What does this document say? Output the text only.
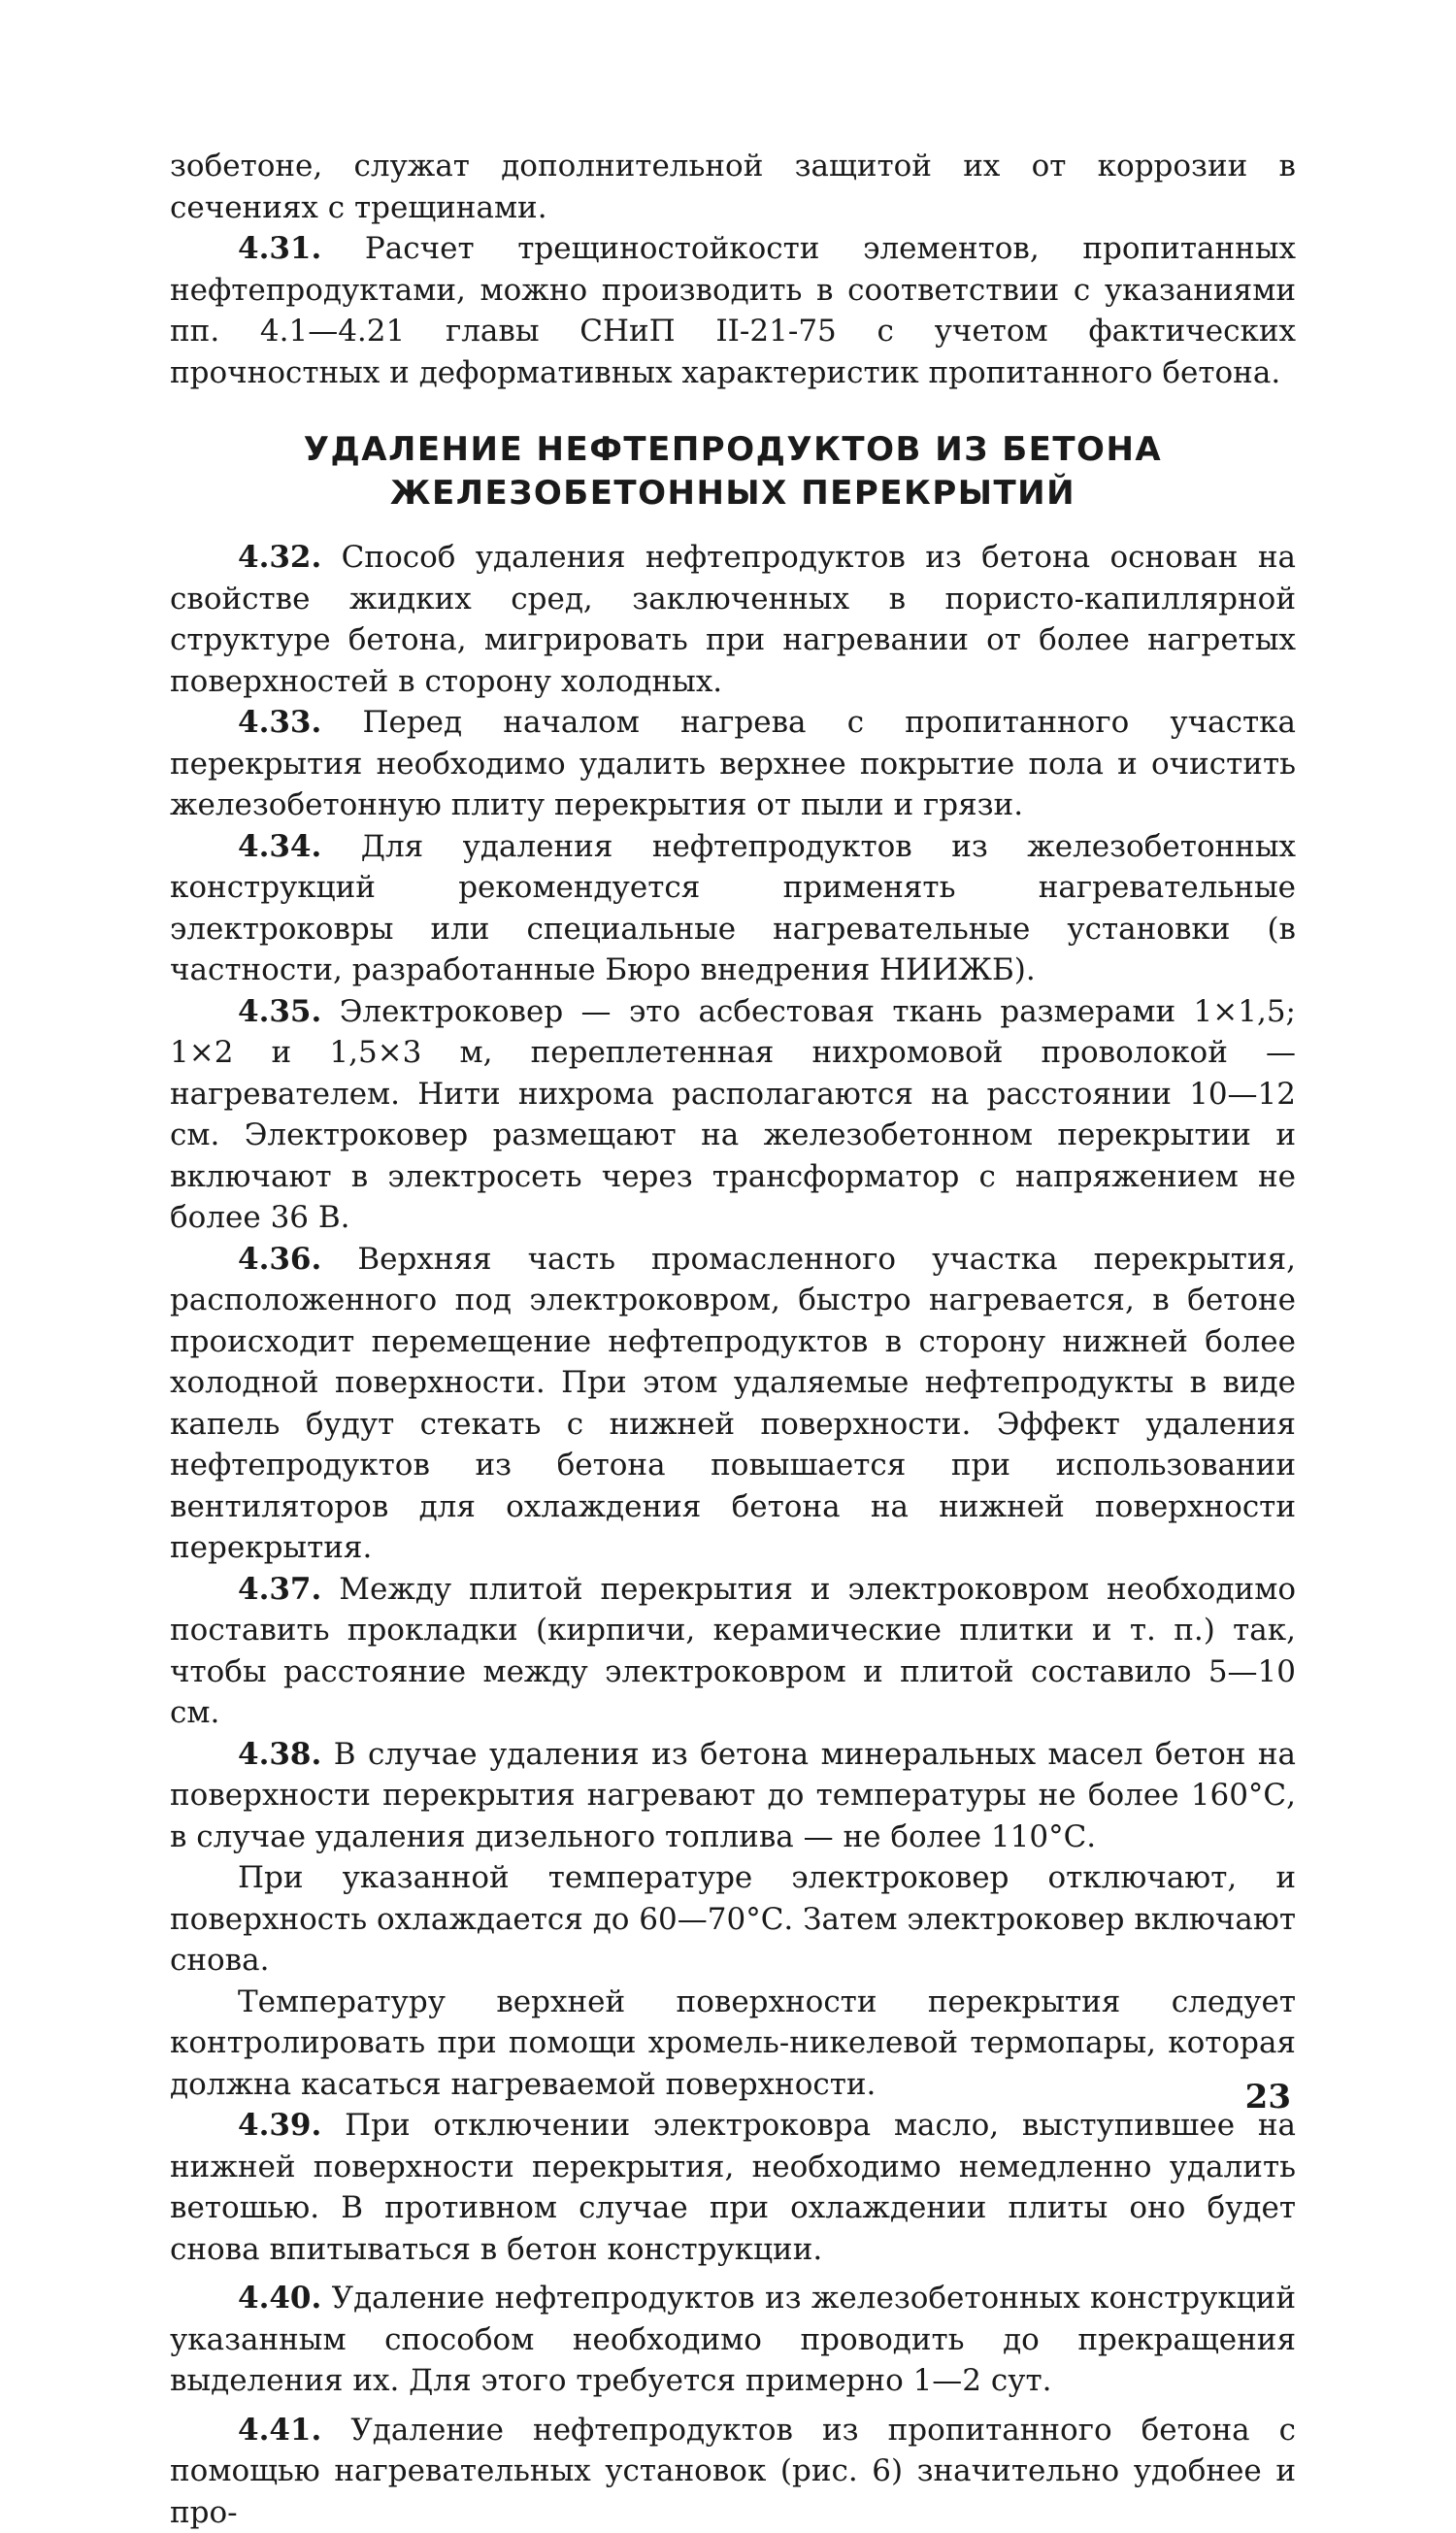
зобетоне, служат дополнительной защитой их от коррозии в сечениях с трещинами.

4.31. Расчет трещиностойкости элементов, пропитанных нефтепродуктами, можно производить в соответствии с указаниями пп. 4.1—4.21 главы СНиП II-21-75 с учетом фактических прочностных и деформативных характеристик пропитанного бетона.

УДАЛЕНИЕ НЕФТЕПРОДУКТОВ ИЗ БЕТОНА
ЖЕЛЕЗОБЕТОННЫХ ПЕРЕКРЫТИЙ

4.32. Способ удаления нефтепродуктов из бетона основан на свойстве жидких сред, заключенных в пористо-капиллярной структуре бетона, мигрировать при нагревании от более нагретых поверхностей в сторону холодных.

4.33. Перед началом нагрева с пропитанного участка перекрытия необходимо удалить верхнее покрытие пола и очистить железобетонную плиту перекрытия от пыли и грязи.

4.34. Для удаления нефтепродуктов из железобетонных конструкций рекомендуется применять нагревательные электроковры или специальные нагревательные установки (в частности, разработанные Бюро внедрения НИИЖБ).

4.35. Электроковер — это асбестовая ткань размерами 1×1,5; 1×2 и 1,5×3 м, переплетенная нихромовой проволокой — нагревателем. Нити нихрома располагаются на расстоянии 10—12 см. Электроковер размещают на железобетонном перекрытии и включают в электросеть через трансформатор с напряжением не более 36 В.

4.36. Верхняя часть промасленного участка перекрытия, расположенного под электроковром, быстро нагревается, в бетоне происходит перемещение нефтепродуктов в сторону нижней более холодной поверхности. При этом удаляемые нефтепродукты в виде капель будут стекать с нижней поверхности. Эффект удаления нефтепродуктов из бетона повышается при использовании вентиляторов для охлаждения бетона на нижней поверхности перекрытия.

4.37. Между плитой перекрытия и электроковром необходимо поставить прокладки (кирпичи, керамические плитки и т. п.) так, чтобы расстояние между электроковром и плитой составило 5—10 см.

4.38. В случае удаления из бетона минеральных масел бетон на поверхности перекрытия нагревают до температуры не более 160°С, в случае удаления дизельного топлива — не более 110°С.

При указанной температуре электроковер отключают, и поверхность охлаждается до 60—70°С. Затем электроковер включают снова.

Температуру верхней поверхности перекрытия следует контролировать при помощи хромель-никелевой термопары, которая должна касаться нагреваемой поверхности.

4.39. При отключении электроковра масло, выступившее на нижней поверхности перекрытия, необходимо немедленно удалить ветошью. В противном случае при охлаждении плиты оно будет снова впитываться в бетон конструкции.

4.40. Удаление нефтепродуктов из железобетонных конструкций указанным способом необходимо проводить до прекращения выделения их. Для этого требуется примерно 1—2 сут.

4.41. Удаление нефтепродуктов из пропитанного бетона с помощью нагревательных установок (рис. 6) значительно удобнее и про-

23
